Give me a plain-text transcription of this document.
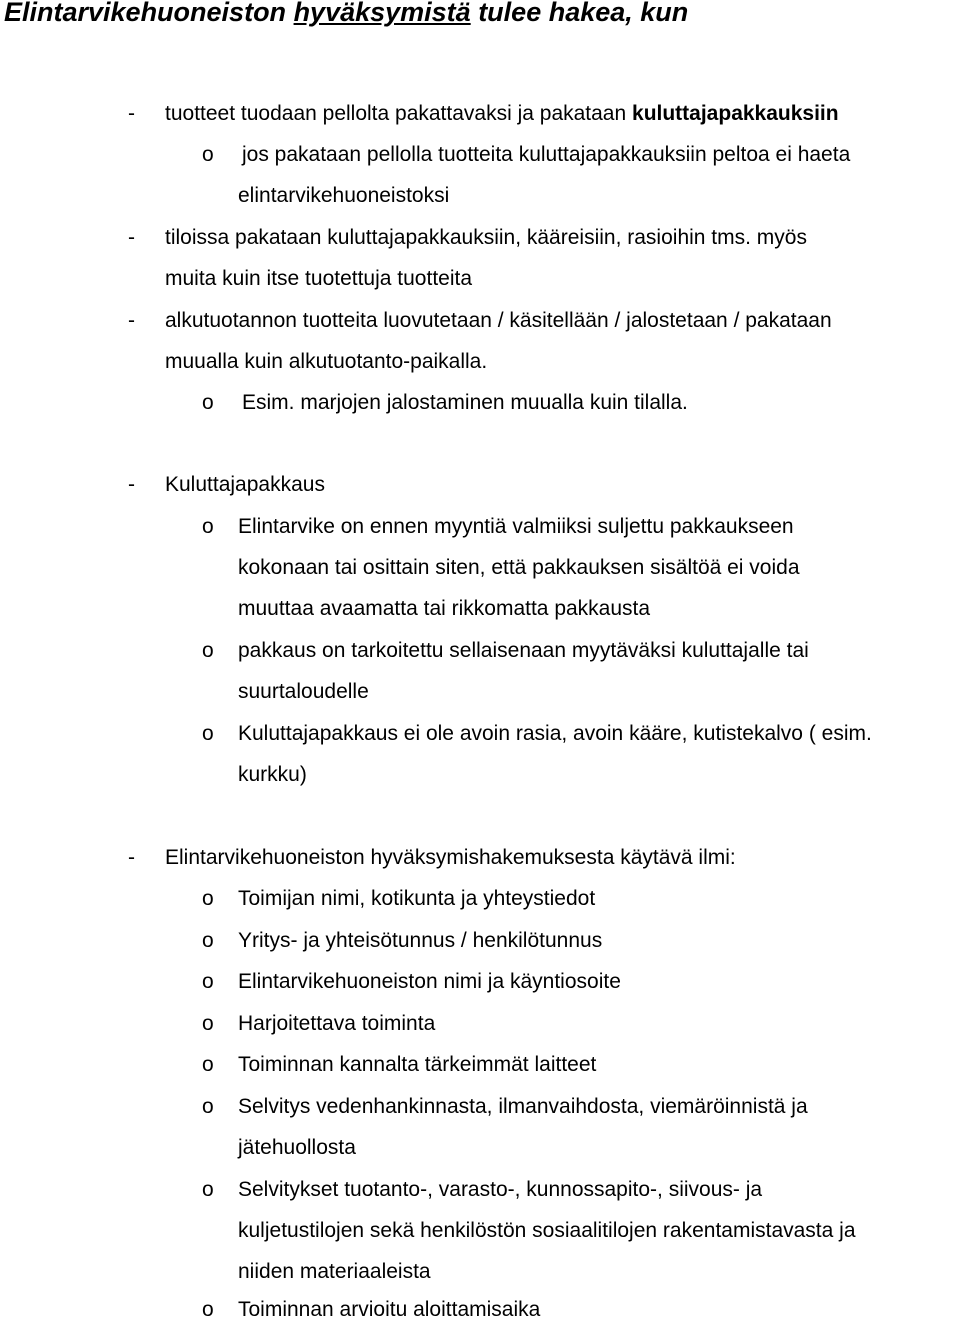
Elintarvikehuoneiston hyväksymistä tulee hakea, kun
- tuotteet tuodaan pellolta pakattavaksi ja pakataan kuluttajapakkauksiin
o jos pakataan pellolla tuotteita kuluttajapakkauksiin peltoa ei haeta
elintarvikehuoneistoksi
- tiloissa pakataan kuluttajapakkauksiin, kääreisiin, rasioihin tms. myös
muita kuin itse tuotettuja tuotteita
- alkutuotannon tuotteita luovutetaan / käsitellään / jalostetaan / pakataan
muualla kuin alkutuotanto-paikalla.
o Esim. marjojen jalostaminen muualla kuin tilalla.
- Kuluttajapakkaus
o Elintarvike on ennen myyntiä valmiiksi suljettu pakkaukseen
kokonaan tai osittain siten, että pakkauksen sisältöä ei voida
muuttaa avaamatta tai rikkomatta pakkausta
o pakkaus on tarkoitettu sellaisenaan myytäväksi kuluttajalle tai
suurtaloudelle
o Kuluttajapakkaus ei ole avoin rasia, avoin kääre, kutistekalvo ( esim.
kurkku)
- Elintarvikehuoneiston hyväksymishakemuksesta käytävä ilmi:
o Toimijan nimi, kotikunta ja yhteystiedot
o Yritys- ja yhteisötunnus / henkilötunnus
o Elintarvikehuoneiston nimi ja käyntiosoite
o Harjoitettava toiminta
o Toiminnan kannalta tärkeimmät laitteet
o Selvitys vedenhankinnasta, ilmanvaihdosta, viemäröinnistä ja
jätehuollosta
o Selvitykset tuotanto-, varasto-, kunnossapito-, siivous- ja
kuljetustilojen sekä henkilöstön sosiaalitilojen rakentamistavasta ja
niiden materiaaleista
o Toiminnan arvioitu aloittamisaika
